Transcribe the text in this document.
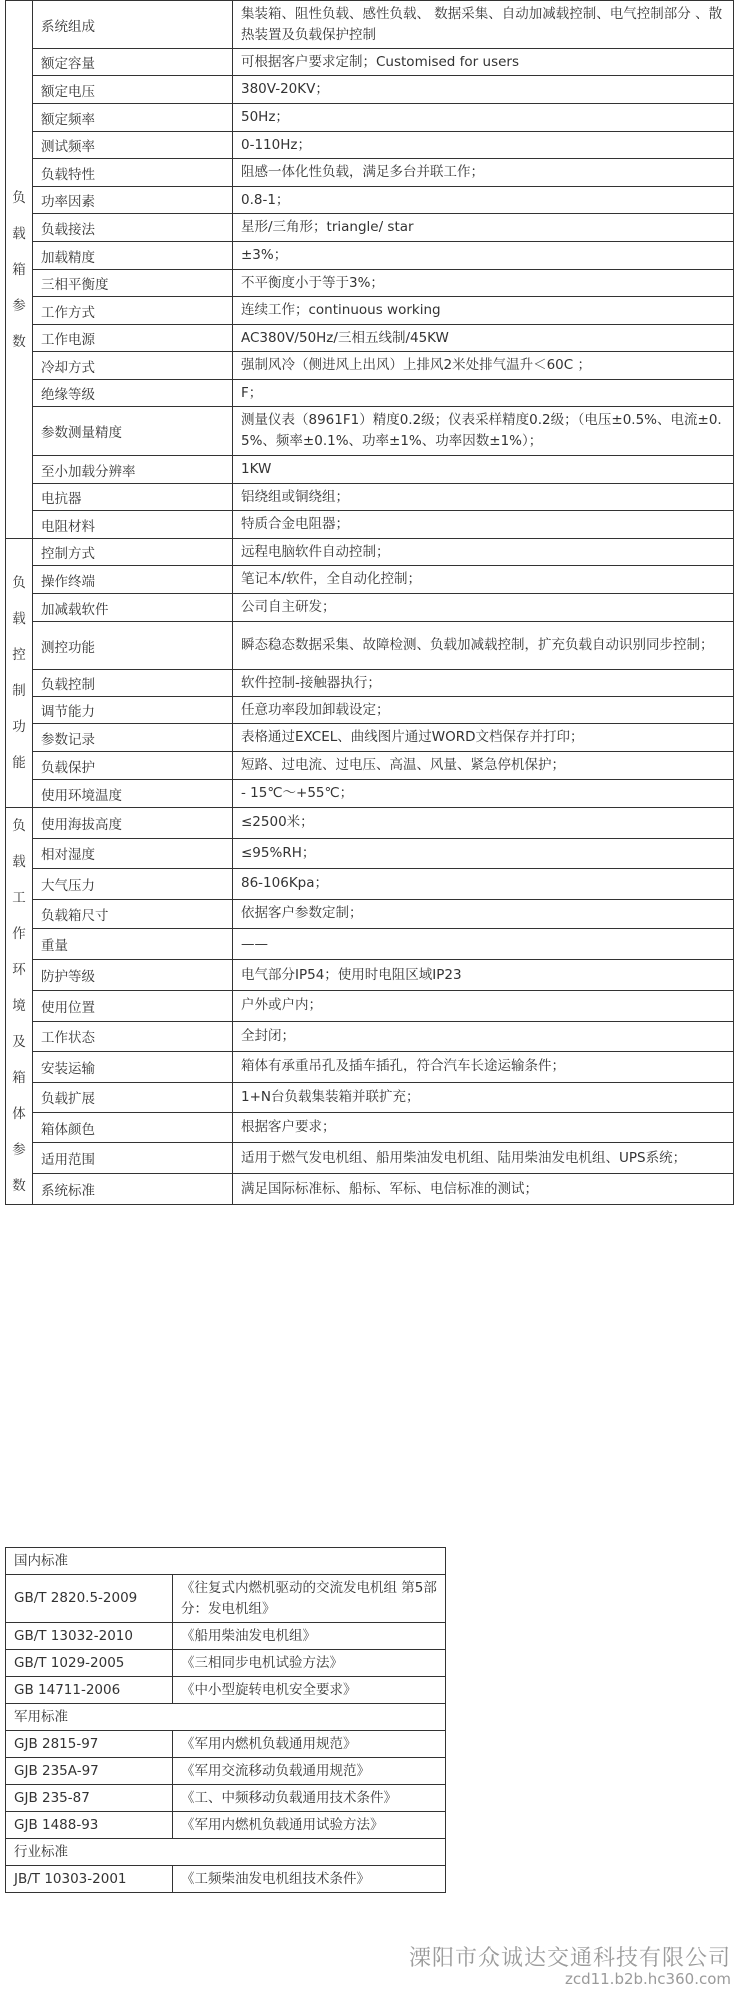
负载箱参数	系统组成	集装箱、阻性负载、感性负载、 数据采集、自动加减载控制、电气控制部分 、散热装置及负载保护控制
	额定容量	可根据客户要求定制；Customised for users
	额定电压	380V-20KV；
	额定频率	50Hz；
	测试频率	0-110Hz；
	负载特性	阻感一体化性负载，满足多台并联工作；
	功率因素	0.8-1；
	负载接法	星形/三角形；triangle/ star
	加载精度	±3%；
	三相平衡度	不平衡度小于等于3%；
	工作方式	连续工作；continuous working
	工作电源	AC380V/50Hz/三相五线制/45KW
	冷却方式	强制风冷（侧进风上出风）上排风2米处排气温升＜60C ；
	绝缘等级	F；
	参数测量精度	测量仪表（8961F1）精度0.2级；仪表采样精度0.2级；（电压±0.5%、电流±0.5%、频率±0.1%、功率±1%、功率因数±1%）；
	至小加载分辨率	1KW
	电抗器	铝绕组或铜绕组；
	电阻材料	特质合金电阻器；
负载控制功能	控制方式	远程电脑软件自动控制；
	操作终端	笔记本/软件，全自动化控制；
	加减载软件	公司自主研发；
	测控功能	瞬态稳态数据采集、故障检测、负载加减载控制，扩充负载自动识别同步控制；
	负载控制	软件控制-接触器执行；
	调节能力	任意功率段加卸载设定；
	参数记录	表格通过EXCEL、曲线图片通过WORD文档保存并打印；
	负载保护	短路、过电流、过电压、高温、风量、紧急停机保护；
	使用环境温度	- 15℃～+55℃；
负载工作环境及箱体参数	使用海拔高度	≤2500米；
	相对湿度	≤95%RH；
	大气压力	86-106Kpa；
	负载箱尺寸	依据客户参数定制；
	重量	——
	防护等级	电气部分IP54；使用时电阻区域IP23
	使用位置	户外或户内；
	工作状态	全封闭；
	安装运输	箱体有承重吊孔及插车插孔，符合汽车长途运输条件；
	负载扩展	1+N台负载集装箱并联扩充；
	箱体颜色	根据客户要求；
	适用范围	适用于燃气发电机组、船用柴油发电机组、陆用柴油发电机组、UPS系统；
	系统标准	满足国际标准标、船标、军标、电信标准的测试；
国内标准	
GB/T 2820.5-2009	《往复式内燃机驱动的交流发电机组 第5部分：发电机组》
GB/T 13032-2010	《船用柴油发电机组》
GB/T 1029-2005	《三相同步电机试验方法》
GB 14711-2006	《中小型旋转电机安全要求》
军用标准	
GJB 2815-97	《军用内燃机负载通用规范》
GJB 235A-97	《军用交流移动负载通用规范》
GJB 235-87	《工、中频移动负载通用技术条件》
GJB 1488-93	《军用内燃机负载通用试验方法》
行业标准	
JB/T 10303-2001	《工频柴油发电机组技术条件》
溧阳市众诚达交通科技有限公司
zcd11.b2b.hc360.com
